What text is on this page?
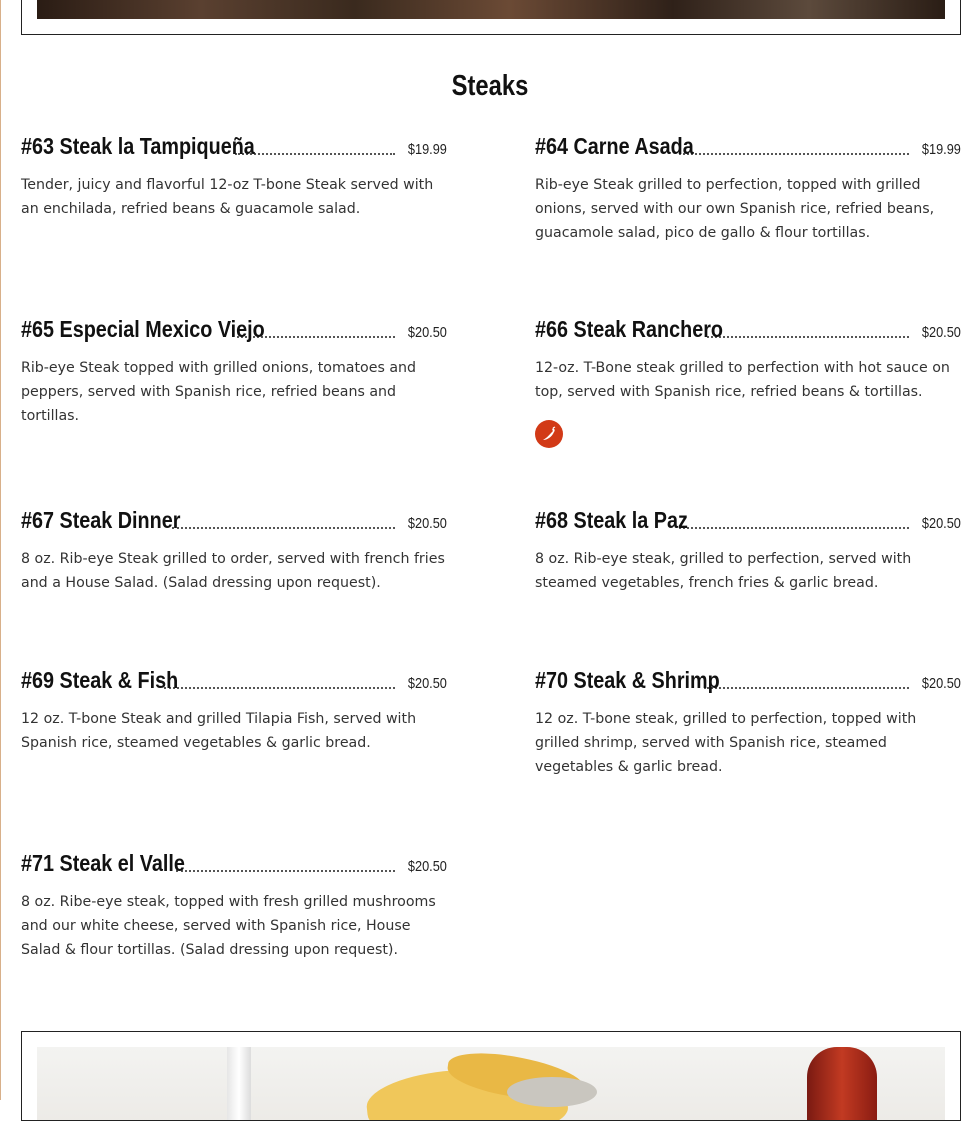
Steaks
#63 Steak la Tampiqueña	$19.99

Tender, juicy and flavorful 12-oz T-bone Steak served with an enchilada, refried beans & guacamole salad.

#64 Carne Asada	$19.99

Rib-eye Steak grilled to perfection, topped with grilled onions, served with our own Spanish rice, refried beans, guacamole salad, pico de gallo & flour tortillas.

#65 Especial Mexico Viejo	$20.50

Rib-eye Steak topped with grilled onions, tomatoes and peppers, served with Spanish rice, refried beans and tortillas.

#66 Steak Ranchero	$20.50

12-oz. T-Bone steak grilled to perfection with hot sauce on top, served with Spanish rice, refried beans & tortillas.

#67 Steak Dinner	$20.50

8 oz. Rib-eye Steak grilled to order, served with french fries and a House Salad. (Salad dressing upon request).

#68 Steak la Paz	$20.50

8 oz. Rib-eye steak, grilled to perfection, served with steamed vegetables, french fries & garlic bread.

#69 Steak & Fish	$20.50

12 oz. T-bone Steak and grilled Tilapia Fish, served with Spanish rice, steamed vegetables & garlic bread.

#70 Steak & Shrimp	$20.50

12 oz. T-bone steak, grilled to perfection, topped with grilled shrimp, served with Spanish rice, steamed vegetables & garlic bread.

#71 Steak el Valle	$20.50

8 oz. Ribe-eye steak, topped with fresh grilled mushrooms and our white cheese, served with Spanish rice, House Salad & flour tortillas. (Salad dressing upon request).
